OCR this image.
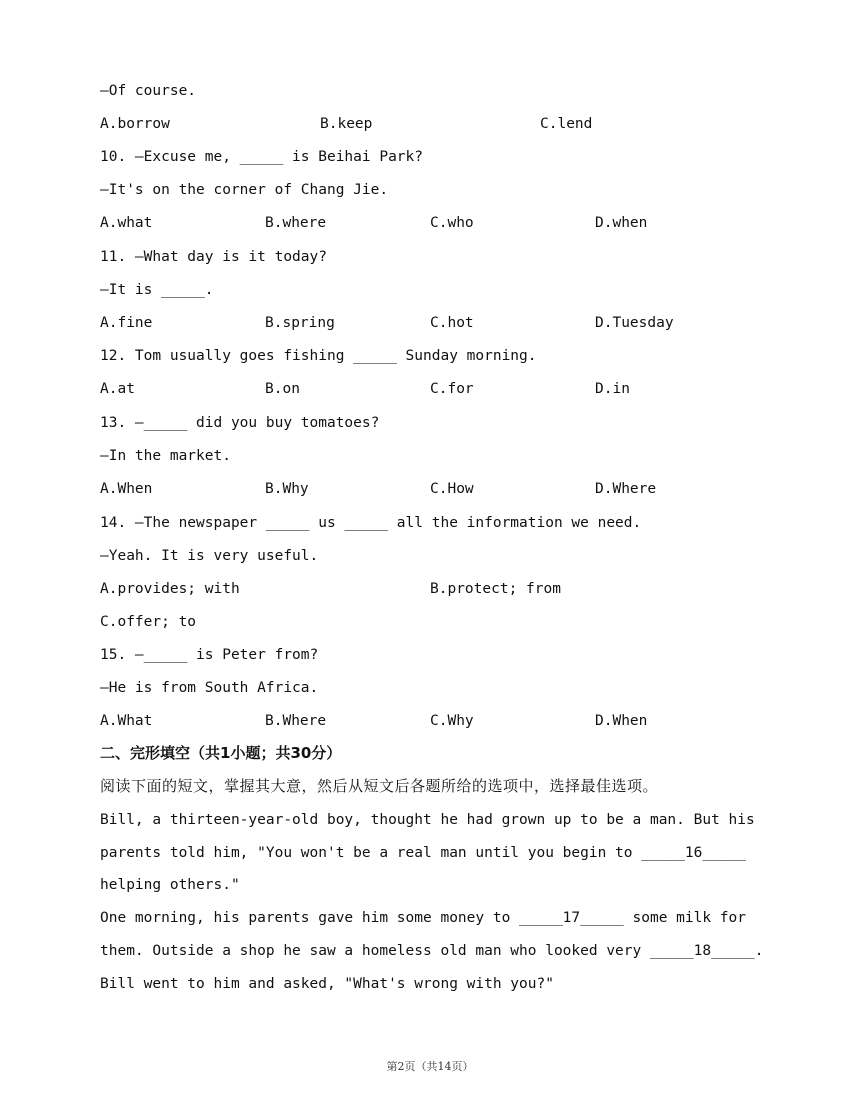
—Of course.
A.borrow	B.keep	C.lend
10. —Excuse me, _____ is Beihai Park?
—It's on the corner of Chang Jie.
A.what	B.where	C.who	D.when
11. —What day is it today?
—It is _____.
A.fine	B.spring	C.hot	D.Tuesday
12. Tom usually goes fishing _____ Sunday morning.
A.at	B.on	C.for	D.in
13. —_____ did you buy tomatoes?
—In the market.
A.When	B.Why	C.How	D.Where
14. —The newspaper _____ us _____ all the information we need.
—Yeah. It is very useful.
A.provides; with	B.protect; from
C.offer; to
15. —_____ is Peter from?
—He is from South Africa.
A.What	B.Where	C.Why	D.When
二、完形填空（共1小题；共30分）
阅读下面的短文，掌握其大意，然后从短文后各题所给的选项中，选择最佳选项。
Bill, a thirteen-year-old boy, thought he had grown up to be a man. But his
parents told him, "You won't be a real man until you begin to _____16_____
helping others."
One morning, his parents gave him some money to _____17_____ some milk for
them. Outside a shop he saw a homeless old man who looked very _____18_____.
Bill went to him and asked, "What's wrong with you?"
第2页（共14页）
